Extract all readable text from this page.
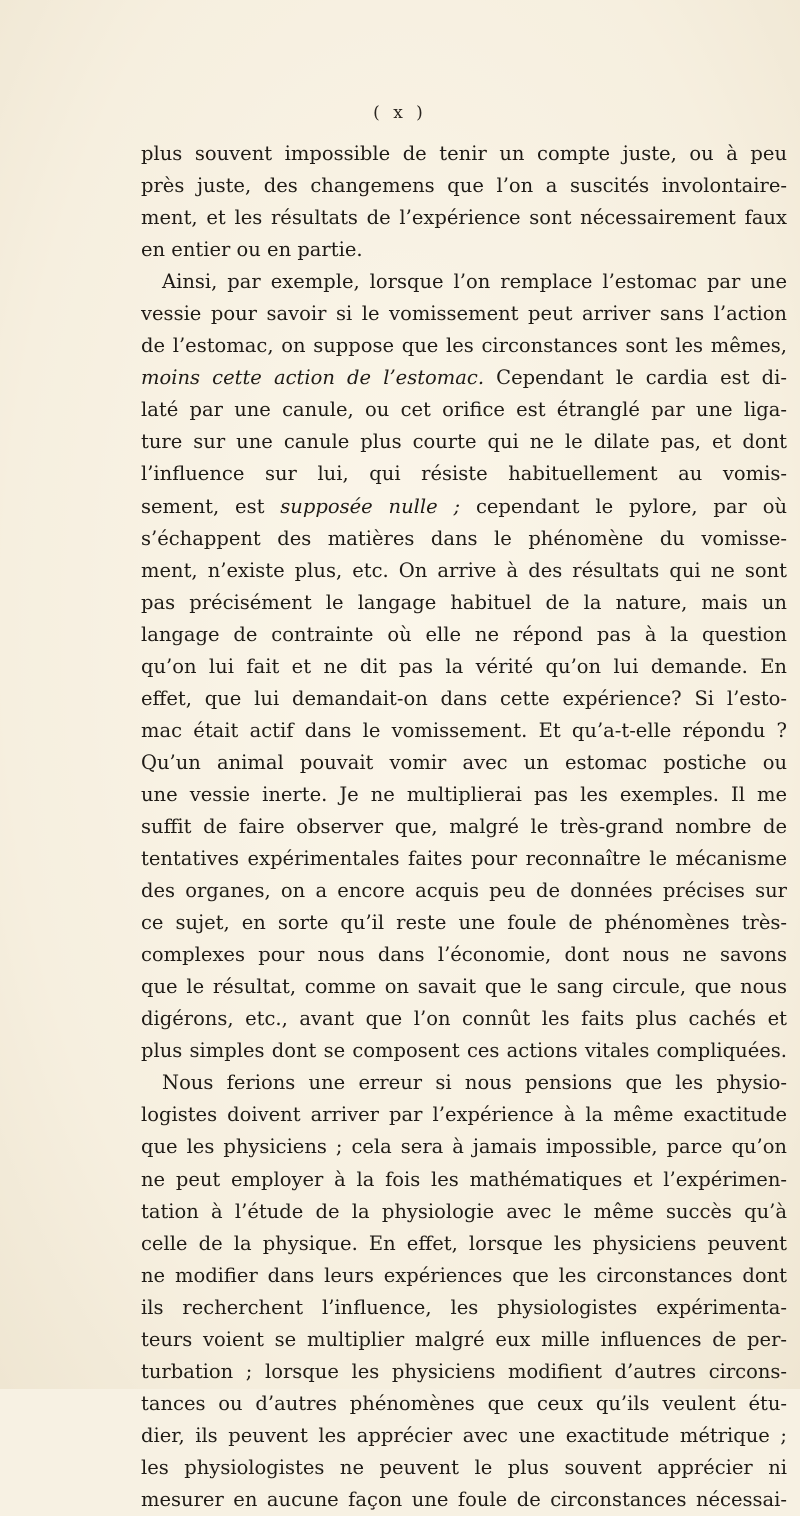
( x )
plus souvent impossible de tenir un compte juste, ou à peu
près juste, des changemens que l’on a suscités involontaire-
ment, et les résultats de l’expérience sont nécessairement faux
en entier ou en partie.
Ainsi, par exemple, lorsque l’on remplace l’estomac par une
vessie pour savoir si le vomissement peut arriver sans l’action
de l’estomac, on suppose que les circonstances sont les mêmes,
moins cette action de l’estomac. Cependant le cardia est di-
laté par une canule, ou cet orifice est étranglé par une liga-
ture sur une canule plus courte qui ne le dilate pas, et dont
l’influence sur lui, qui résiste habituellement au vomis-
sement, est supposée nulle ; cependant le pylore, par où
s’échappent des matières dans le phénomène du vomisse-
ment, n’existe plus, etc. On arrive à des résultats qui ne sont
pas précisément le langage habituel de la nature, mais un
langage de contrainte où elle ne répond pas à la question
qu’on lui fait et ne dit pas la vérité qu’on lui demande. En
effet, que lui demandait-on dans cette expérience? Si l’esto-
mac était actif dans le vomissement. Et qu’a-t-elle répondu ?
Qu’un animal pouvait vomir avec un estomac postiche ou
une vessie inerte. Je ne multiplierai pas les exemples. Il me
suffit de faire observer que, malgré le très-grand nombre de
tentatives expérimentales faites pour reconnaître le mécanisme
des organes, on a encore acquis peu de données précises sur
ce sujet, en sorte qu’il reste une foule de phénomènes très-
complexes pour nous dans l’économie, dont nous ne savons
que le résultat, comme on savait que le sang circule, que nous
digérons, etc., avant que l’on connût les faits plus cachés et
plus simples dont se composent ces actions vitales compliquées.
Nous ferions une erreur si nous pensions que les physio-
logistes doivent arriver par l’expérience à la même exactitude
que les physiciens ; cela sera à jamais impossible, parce qu’on
ne peut employer à la fois les mathématiques et l’expérimen-
tation à l’étude de la physiologie avec le même succès qu’à
celle de la physique. En effet, lorsque les physiciens peuvent
ne modifier dans leurs expériences que les circonstances dont
ils recherchent l’influence, les physiologistes expérimenta-
teurs voient se multiplier malgré eux mille influences de per-
turbation ; lorsque les physiciens modifient d’autres circons-
tances ou d’autres phénomènes que ceux qu’ils veulent étu-
dier, ils peuvent les apprécier avec une exactitude métrique ;
les physiologistes ne peuvent le plus souvent apprécier ni
mesurer en aucune façon une foule de circonstances nécessai-
